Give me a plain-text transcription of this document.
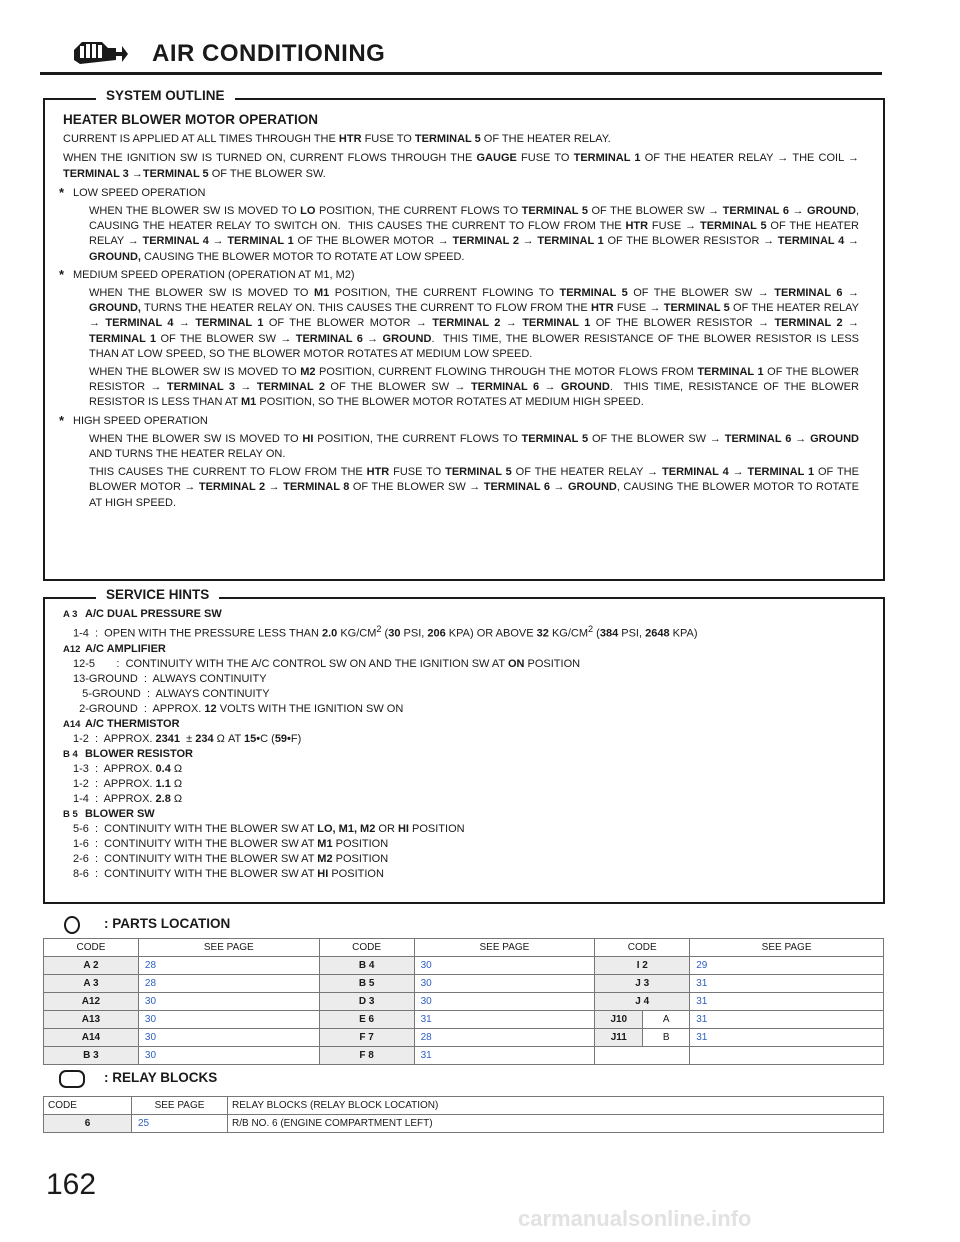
AIR CONDITIONING
SYSTEM OUTLINE
HEATER BLOWER MOTOR OPERATION

CURRENT IS APPLIED AT ALL TIMES THROUGH THE HTR FUSE TO TERMINAL 5 OF THE HEATER RELAY.

WHEN THE IGNITION SW IS TURNED ON, CURRENT FLOWS THROUGH THE GAUGE FUSE TO TERMINAL 1 OF THE HEATER RELAY → THE COIL → TERMINAL 3 →TERMINAL 5 OF THE BLOWER SW.

* LOW SPEED OPERATION
WHEN THE BLOWER SW IS MOVED TO LO POSITION, THE CURRENT FLOWS TO TERMINAL 5 OF THE BLOWER SW → TERMINAL 6 → GROUND, CAUSING THE HEATER RELAY TO SWITCH ON.  THIS CAUSES THE CURRENT TO FLOW FROM THE HTR FUSE → TERMINAL 5 OF THE HEATER RELAY → TERMINAL 4 → TERMINAL 1 OF THE BLOWER MOTOR → TERMINAL 2 → TERMINAL 1 OF THE BLOWER RESISTOR → TERMINAL 4 → GROUND, CAUSING THE BLOWER MOTOR TO ROTATE AT LOW SPEED.
* MEDIUM SPEED OPERATION (OPERATION AT M1, M2)
WHEN THE BLOWER SW IS MOVED TO M1 POSITION, THE CURRENT FLOWING TO TERMINAL 5 OF THE BLOWER SW → TERMINAL 6 → GROUND, TURNS THE HEATER RELAY ON. THIS CAUSES THE CURRENT TO FLOW FROM THE HTR FUSE → TERMINAL 5 OF THE HEATER RELAY → TERMINAL 4 → TERMINAL 1 OF THE BLOWER MOTOR → TERMINAL 2 → TERMINAL 1 OF THE BLOWER RESISTOR → TERMINAL 2 → TERMINAL 1 OF THE BLOWER SW → TERMINAL 6 → GROUND.  THIS TIME, THE BLOWER RESISTANCE OF THE BLOWER RESISTOR IS LESS THAN AT LOW SPEED, SO THE BLOWER MOTOR ROTATES AT MEDIUM LOW SPEED.
WHEN THE BLOWER SW IS MOVED TO M2 POSITION, CURRENT FLOWING THROUGH THE MOTOR FLOWS FROM TERMINAL 1 OF THE BLOWER RESISTOR → TERMINAL 3 → TERMINAL 2 OF THE BLOWER SW → TERMINAL 6 → GROUND.  THIS TIME, RESISTANCE OF THE BLOWER RESISTOR IS LESS THAN AT M1 POSITION, SO THE BLOWER MOTOR ROTATES AT MEDIUM HIGH SPEED.
* HIGH SPEED OPERATION
WHEN THE BLOWER SW IS MOVED TO HI POSITION, THE CURRENT FLOWS TO TERMINAL 5 OF THE BLOWER SW → TERMINAL 6 → GROUND AND TURNS THE HEATER RELAY ON.
THIS CAUSES THE CURRENT TO FLOW FROM THE HTR FUSE TO TERMINAL 5 OF THE HEATER RELAY → TERMINAL 4 → TERMINAL 1 OF THE BLOWER MOTOR → TERMINAL 2 → TERMINAL 8 OF THE BLOWER SW → TERMINAL 6 → GROUND, CAUSING THE BLOWER MOTOR TO ROTATE AT HIGH SPEED.
SERVICE HINTS
A 3 A/C DUAL PRESSURE SW
1-4  :  OPEN WITH THE PRESSURE LESS THAN 2.0 $KG/CM^2$ (30 PSI, 206 KPA) OR ABOVE 32 $KG/CM^2$ (384 PSI, 2648 KPA)
A12 A/C AMPLIFIER
12-5       :  CONTINUITY WITH THE A/C CONTROL SW ON AND THE IGNITION SW AT ON POSITION
13-GROUND  :  ALWAYS CONTINUITY
5-GROUND  :  ALWAYS CONTINUITY
2-GROUND  :  APPROX. 12 VOLTS WITH THE IGNITION SW ON
A14 A/C THERMISTOR
1-2  :  APPROX. 2341  ± 234 Ω AT 15•C (59•F)
B 4 BLOWER RESISTOR
1-3  :  APPROX. 0.4 Ω
1-2  :  APPROX. 1.1 Ω
1-4  :  APPROX. 2.8 Ω
B 5 BLOWER SW
5-6  :  CONTINUITY WITH THE BLOWER SW AT LO, M1, M2 OR HI POSITION
1-6  :  CONTINUITY WITH THE BLOWER SW AT M1 POSITION
2-6  :  CONTINUITY WITH THE BLOWER SW AT M2 POSITION
8-6  :  CONTINUITY WITH THE BLOWER SW AT HI POSITION
: PARTS LOCATION
CODE	SEE PAGE	CODE	SEE PAGE	CODE		SEE PAGE
A 2	28	B 4	30	I 2		29
A 3	28	B 5	30	J 3		31
A12	30	D 3	30	J 4		31
A13	30	E 6	31	J10	A	31
A14	30	F 7	28	J11	B	31
B 3	30	F 8	31			
: RELAY BLOCKS
CODE	SEE PAGE	RELAY BLOCKS (RELAY BLOCK LOCATION)
6	25	R/B NO. 6 (ENGINE COMPARTMENT LEFT)
162
carmanualsonline.info
